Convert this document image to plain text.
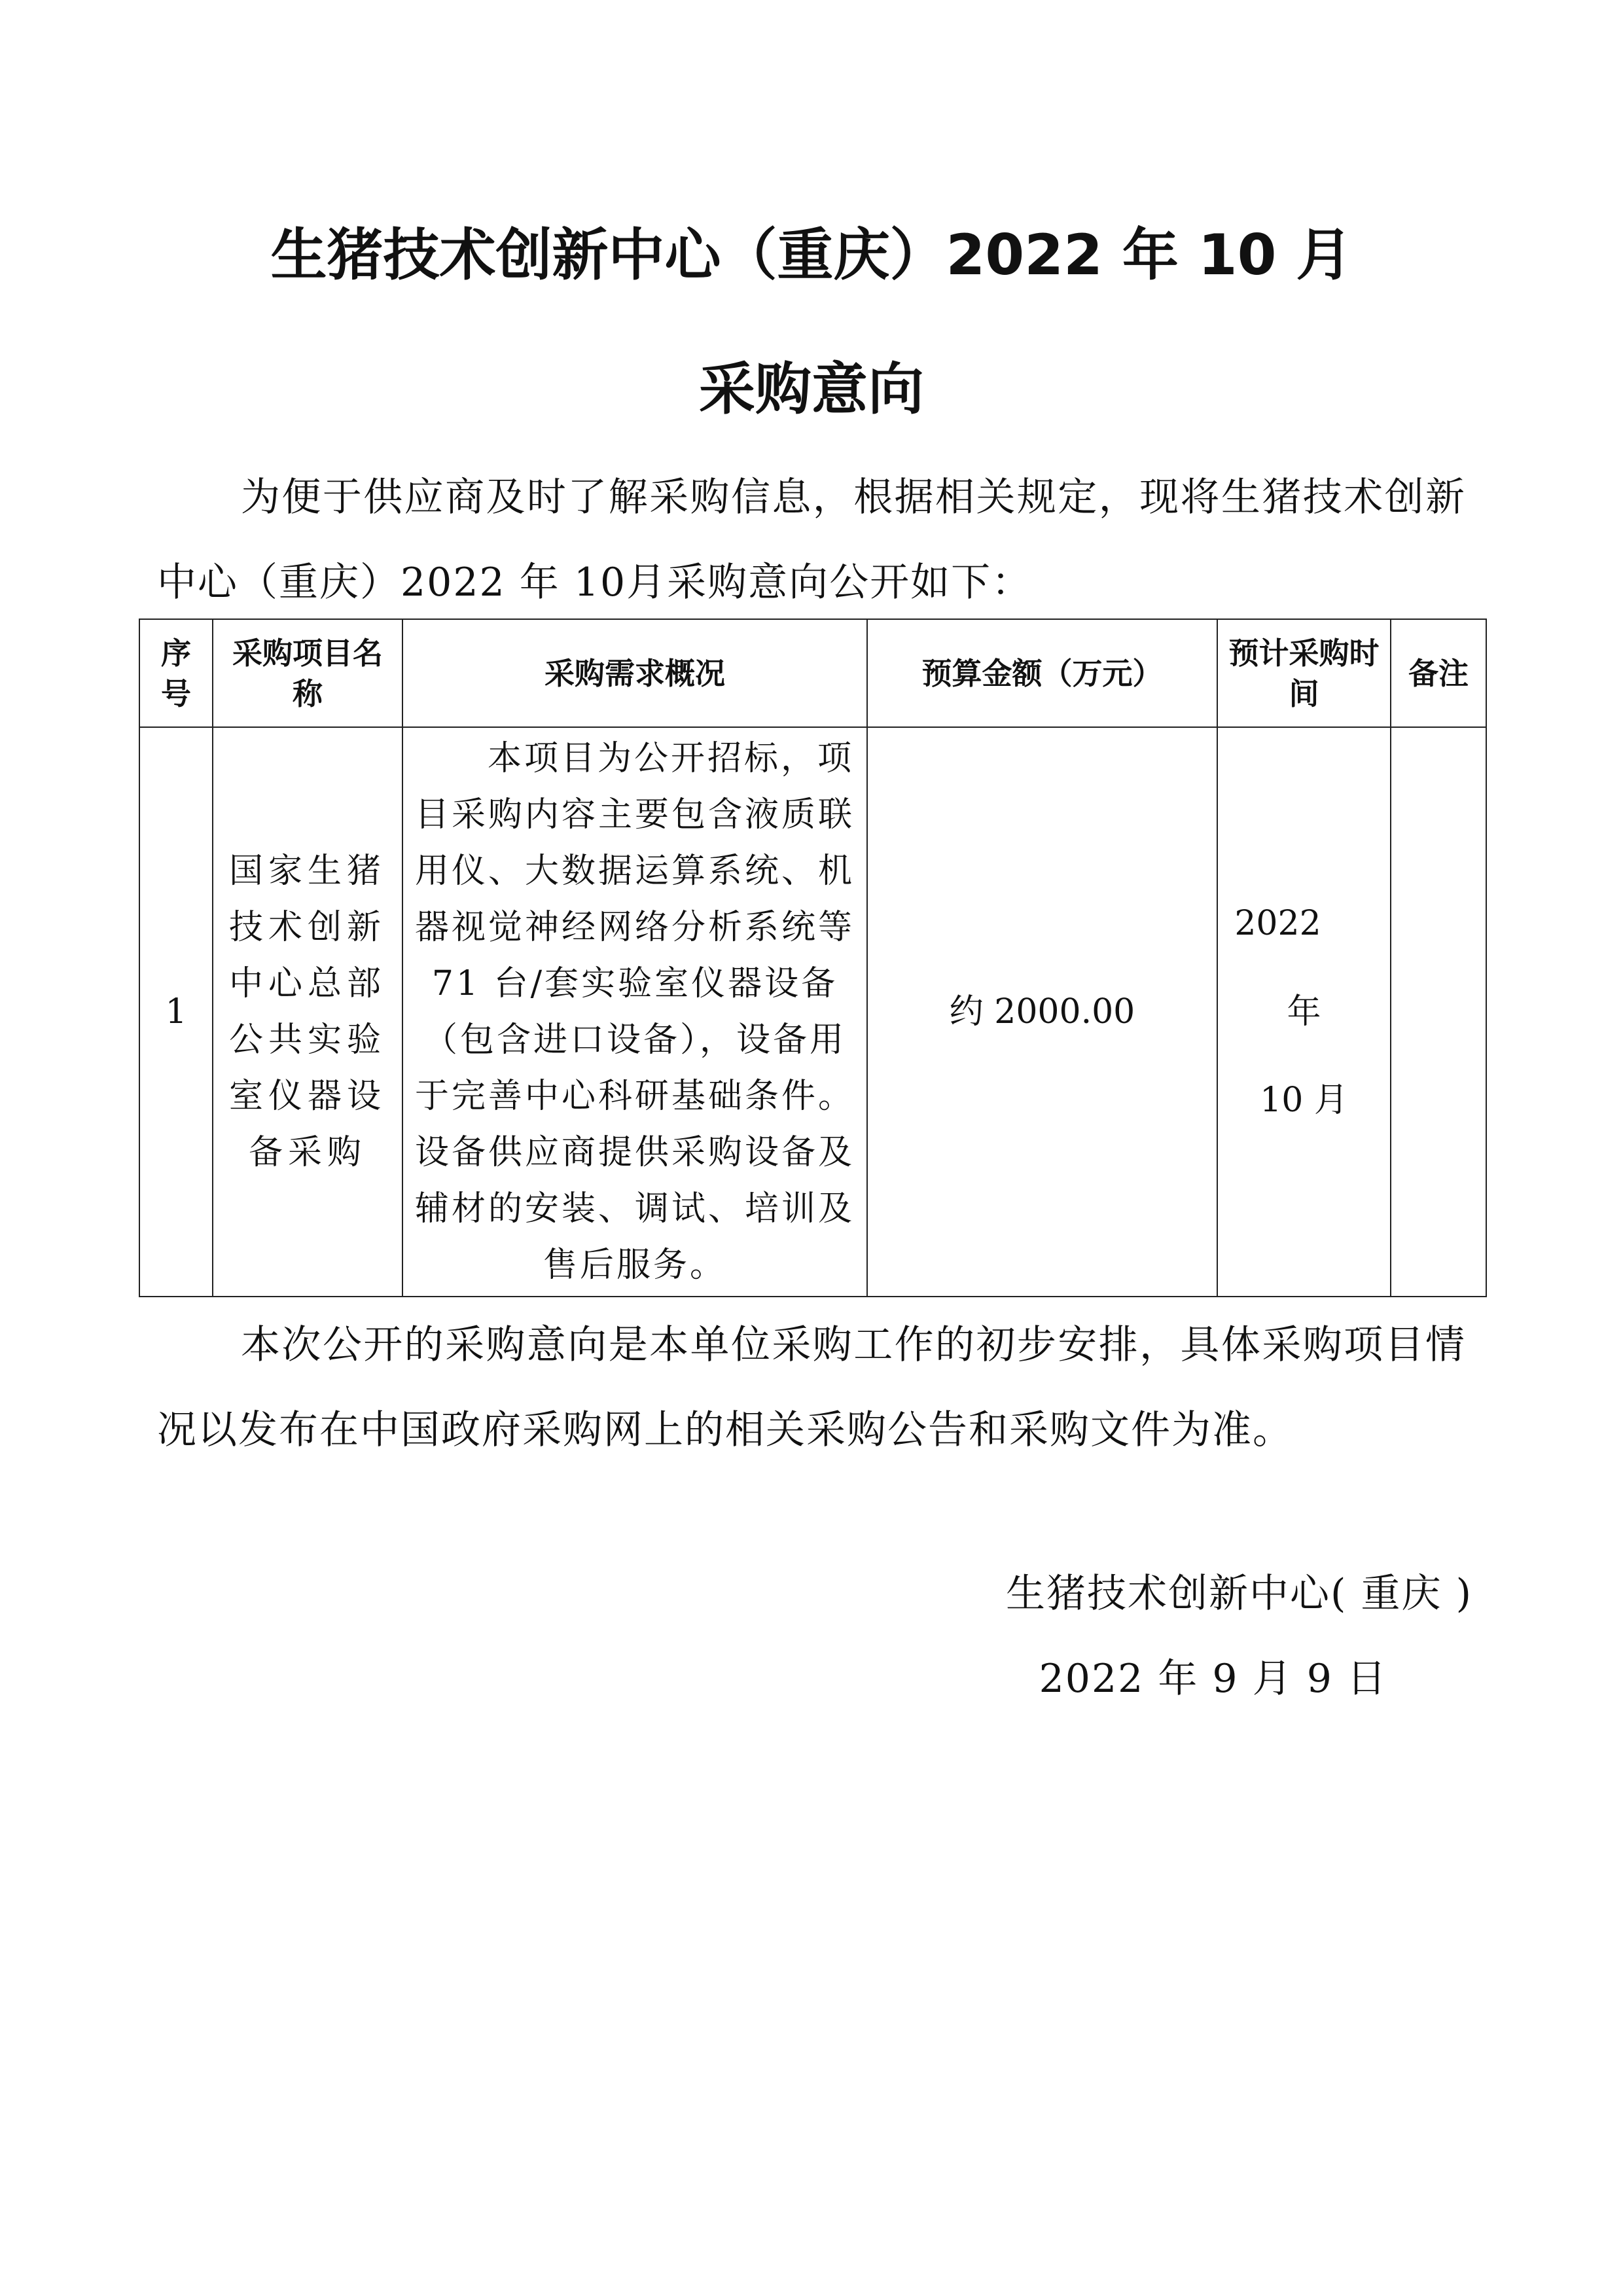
生猪技术创新中心（重庆）2022 年 10 月
采购意向

为便于供应商及时了解采购信息，根据相关规定，现将生猪技术创新中心（重庆）2022 年 10月采购意向公开如下：

序号	采购项目名称	采购需求概况	预算金额（万元）	预计采购时间	备注
1	国家生猪技术创新中心总部公共实验室仪器设备采购	本项目为公开招标，项目采购内容主要包含液质联用仪、大数据运算系统、机器视觉神经网络分析系统等 71 台/套实验室仪器设备（包含进口设备），设备用于完善中心科研基础条件。设备供应商提供采购设备及辅材的安装、调试、培训及售后服务。	约 2000.00	2022年
10 月	

本次公开的采购意向是本单位采购工作的初步安排，具体采购项目情况以发布在中国政府采购网上的相关采购公告和采购文件为准。

生猪技术创新中心( 重庆 )
2022 年 9 月 9 日
